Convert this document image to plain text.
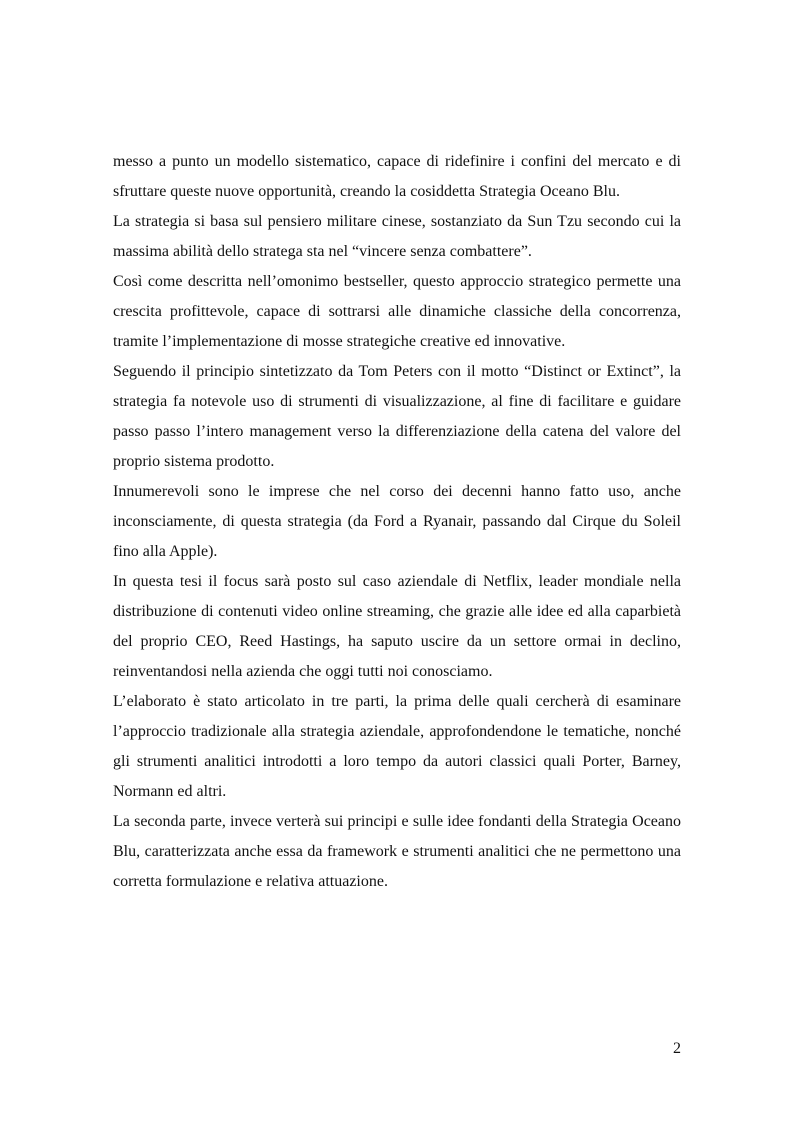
messo a punto un modello sistematico, capace di ridefinire i confini del mercato e di sfruttare queste nuove opportunità, creando la cosiddetta Strategia Oceano Blu.

La strategia si basa sul pensiero militare cinese, sostanziato da Sun Tzu secondo cui la massima abilità dello stratega sta nel “vincere senza combattere”.

Così come descritta nell’omonimo bestseller, questo approccio strategico permette una crescita profittevole, capace di sottrarsi alle dinamiche classiche della concorrenza, tramite l’implementazione di mosse strategiche creative ed innovative.

Seguendo il principio sintetizzato da Tom Peters con il motto “Distinct or Extinct”, la strategia fa notevole uso di strumenti di visualizzazione, al fine di facilitare e guidare passo passo l’intero management verso la differenziazione della catena del valore del proprio sistema prodotto.

Innumerevoli sono le imprese che nel corso dei decenni hanno fatto uso, anche inconsciamente, di questa strategia (da Ford a Ryanair, passando dal Cirque du Soleil fino alla Apple).

In questa tesi il focus sarà posto sul caso aziendale di Netflix, leader mondiale nella distribuzione di contenuti video online streaming, che grazie alle idee ed alla caparbietà del proprio CEO, Reed Hastings, ha saputo uscire da un settore ormai in declino, reinventandosi nella azienda che oggi tutti noi conosciamo.

L’elaborato è stato articolato in tre parti, la prima delle quali cercherà di esaminare l’approccio tradizionale alla strategia aziendale, approfondendone le tematiche, nonché gli strumenti analitici introdotti a loro tempo da autori classici quali Porter, Barney, Normann ed altri.

La seconda parte, invece verterà sui principi e sulle idee fondanti della Strategia Oceano Blu, caratterizzata anche essa da framework e strumenti analitici che ne permettono una corretta formulazione e relativa attuazione.

2
